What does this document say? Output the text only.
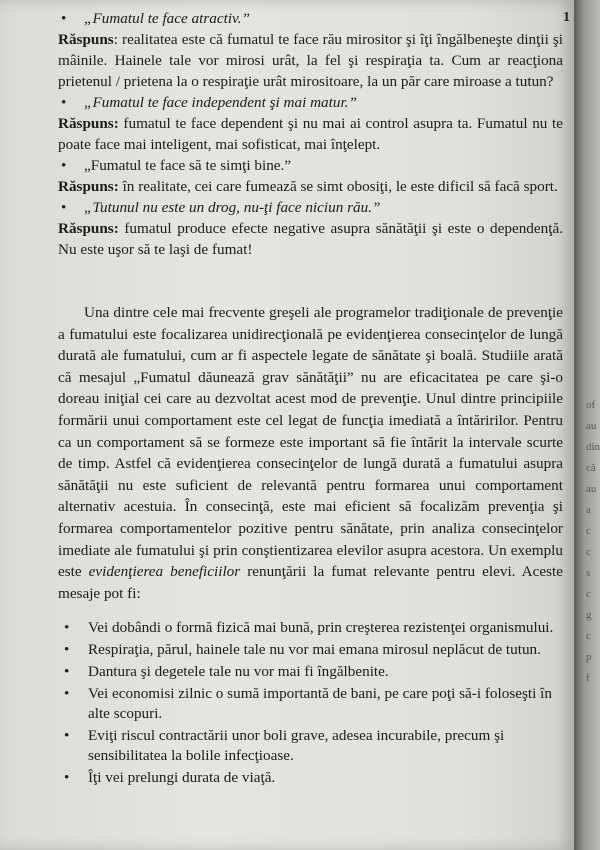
1

• „Fumatul te face atractiv.”

Răspuns: realitatea este că fumatul te face rău mirositor şi îţi îngălbeneşte dinţii şi mâinile. Hainele tale vor mirosi urât, la fel şi respiraţia ta. Cum ar reacţiona prietenul / prietena la o respiraţie urât mirositoare, la un păr care miroase a tutun?

• „Fumatul te face independent şi mai matur.”

Răspuns: fumatul te face dependent şi nu mai ai control asupra ta. Fumatul nu te poate face mai inteligent, mai sofisticat, mai înţelept.

• „Fumatul te face să te simţi bine.”

Răspuns: în realitate, cei care fumează se simt obosiţi, le este dificil să facă sport.

• „Tutunul nu este un drog, nu-ţi face niciun rău.”

Răspuns: fumatul produce efecte negative asupra sănătăţii şi este o dependenţă. Nu este uşor să te laşi de fumat!

Una dintre cele mai frecvente greşeli ale programelor tradiţionale de prevenţie a fumatului este focalizarea unidirecţională pe evidenţierea consecinţelor de lungă durată ale fumatului, cum ar fi aspectele legate de sănătate şi boală. Studiile arată că mesajul „Fumatul dăunează grav sănătăţii” nu are eficacitatea pe care şi-o doreau iniţial cei care au dezvoltat acest mod de prevenţie. Unul dintre principiile formării unui comportament este cel legat de funcţia imediată a întăririlor. Pentru ca un comportament să se formeze este important să fie întărit la intervale scurte de timp. Astfel că evidenţierea consecinţelor de lungă durată a fumatului asupra sănătăţii nu este suficient de relevantă pentru formarea unui comportament alternativ acestuia. În consecinţă, este mai eficient să focalizăm prevenţia şi formarea comportamentelor pozitive pentru sănătate, prin analiza consecinţelor imediate ale fumatului şi prin conştientizarea elevilor asupra acestora. Un exemplu este evidenţierea beneficiilor renunţării la fumat relevante pentru elevi. Aceste mesaje pot fi:

• Vei dobândi o formă fizică mai bună, prin creşterea rezistenţei organismului.
• Respiraţia, părul, hainele tale nu vor mai emana mirosul neplăcut de tutun.
• Dantura şi degetele tale nu vor mai fi îngălbenite.
• Vei economisi zilnic o sumă importantă de bani, pe care poţi să-i foloseşti în alte scopuri.
• Eviţi riscul contractării unor boli grave, adesea incurabile, precum şi sensibilitatea la bolile infecţioase.
• Îţi vei prelungi durata de viaţă.
of
au
din
că
au
a
c
c
s
c
g
c
p
f
